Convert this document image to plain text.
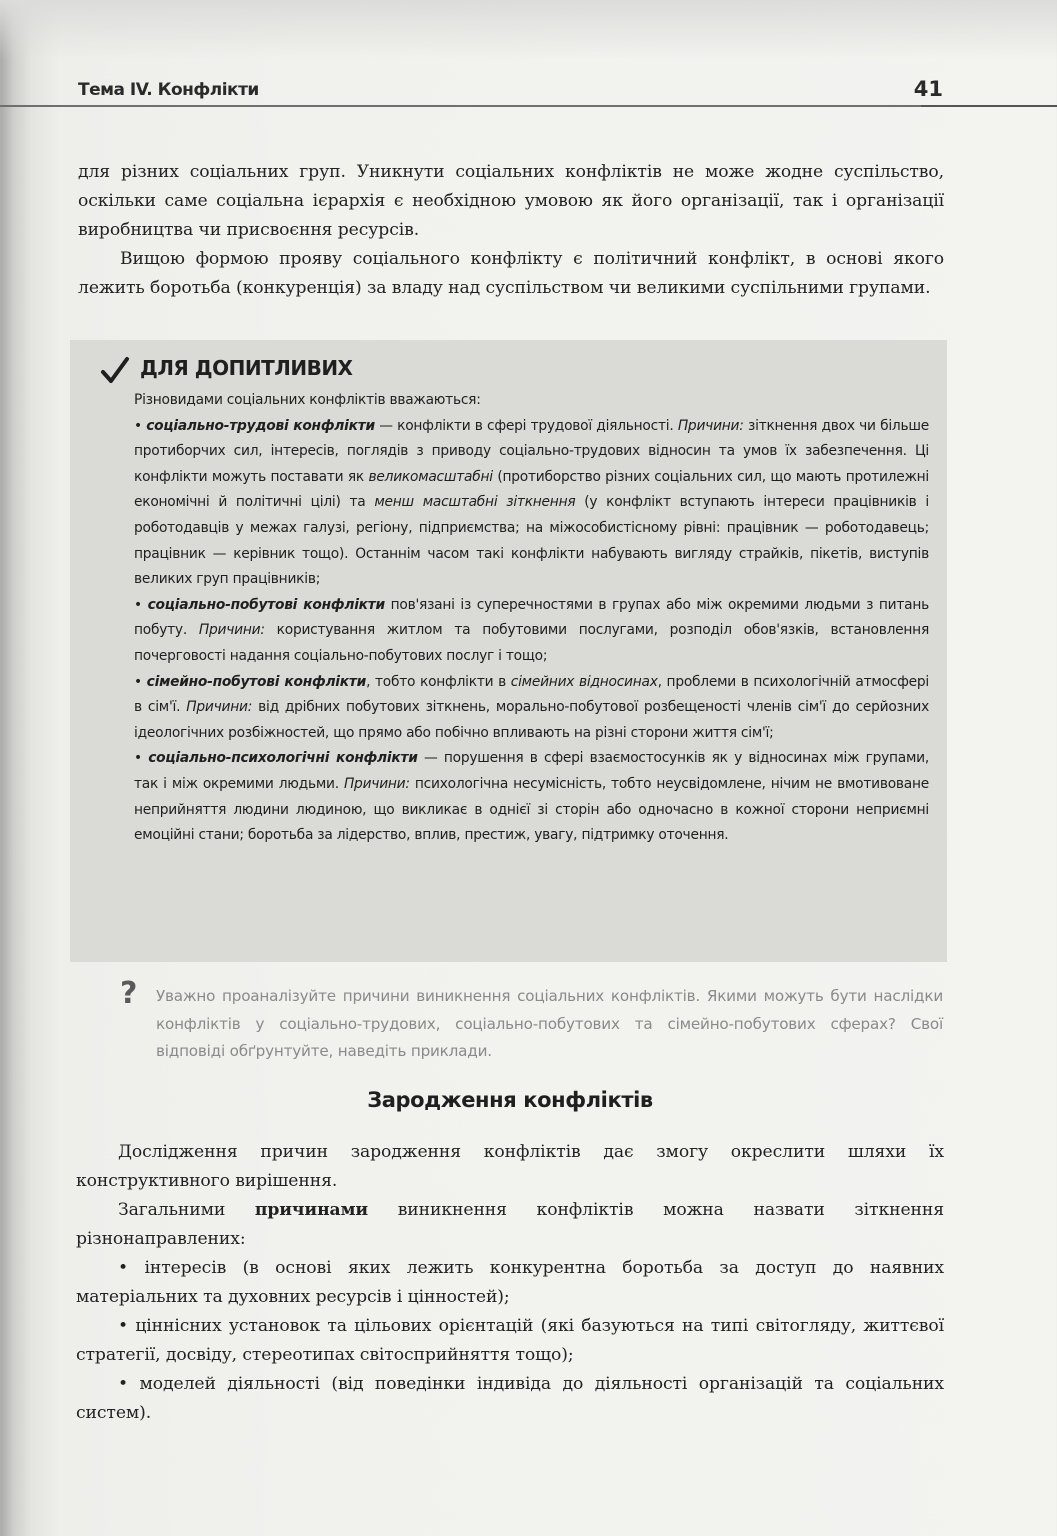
Тема IV. Конфлікти	41

для різних соціальних груп. Уникнути соціальних конфліктів не може жодне суспільство, оскільки саме соціальна ієрархія є необхідною умовою як його організації, так і організації виробництва чи присвоєння ресурсів.

Вищою формою прояву соціального конфлікту є політичний конфлікт, в основі якого лежить боротьба (конкуренція) за владу над суспільством чи великими суспільними групами.

ДЛЯ ДОПИТЛИВИХ

Різновидами соціальних конфліктів вважаються:

• соціально-трудові конфлікти — конфлікти в сфері трудової діяльності. Причини: зіткнення двох чи більше протиборчих сил, інтересів, поглядів з приводу соціально-трудових відносин та умов їх забезпечення. Ці конфлікти можуть поставати як великомасштабні (протиборство різних соціальних сил, що мають протилежні економічні й політичні цілі) та менш масштабні зіткнення (у конфлікт вступають інтереси працівників і роботодавців у межах галузі, регіону, підприємства; на міжособистісному рівні: працівник — роботодавець; працівник — керівник тощо). Останнім часом такі конфлікти набувають вигляду страйків, пікетів, виступів великих груп працівників;

• соціально-побутові конфлікти пов'язані із суперечностями в групах або між окремими людьми з питань побуту. Причини: користування житлом та побутовими послугами, розподіл обов'язків, встановлення почерговості надання соціально-побутових послуг і тощо;

• сімейно-побутові конфлікти, тобто конфлікти в сімейних відносинах, проблеми в психологічній атмосфері в сім'ї. Причини: від дрібних побутових зіткнень, морально-побутової розбещеності членів сім'ї до серйозних ідеологічних розбіжностей, що прямо або побічно впливають на різні сторони життя сім'ї;

• соціально-психологічні конфлікти — порушення в сфері взаємостосунків як у відносинах між групами, так і між окремими людьми. Причини: психологічна несумісність, тобто неусвідомлене, нічим не вмотивоване неприйняття людини людиною, що викликає в однієї зі сторін або одночасно в кожної сторони неприємні емоційні стани; боротьба за лідерство, вплив, престиж, увагу, підтримку оточення.

?	Уважно проаналізуйте причини виникнення соціальних конфліктів. Якими можуть бути наслідки конфліктів у соціально-трудових, соціально-побутових та сімейно-побутових сферах? Свої відповіді обґрунтуйте, наведіть приклади.
Зародження конфліктів

Дослідження причин зародження конфліктів дає змогу окреслити шляхи їх конструктивного вирішення.

Загальними причинами виникнення конфліктів можна назвати зіткнення різнонаправлених:

• інтересів (в основі яких лежить конкурентна боротьба за доступ до наявних матеріальних та духовних ресурсів і цінностей);

• ціннісних установок та цільових орієнтацій (які базуються на типі світогляду, життєвої стратегії, досвіду, стереотипах світосприйняття тощо);

• моделей діяльності (від поведінки індивіда до діяльності організацій та соціальних систем).
